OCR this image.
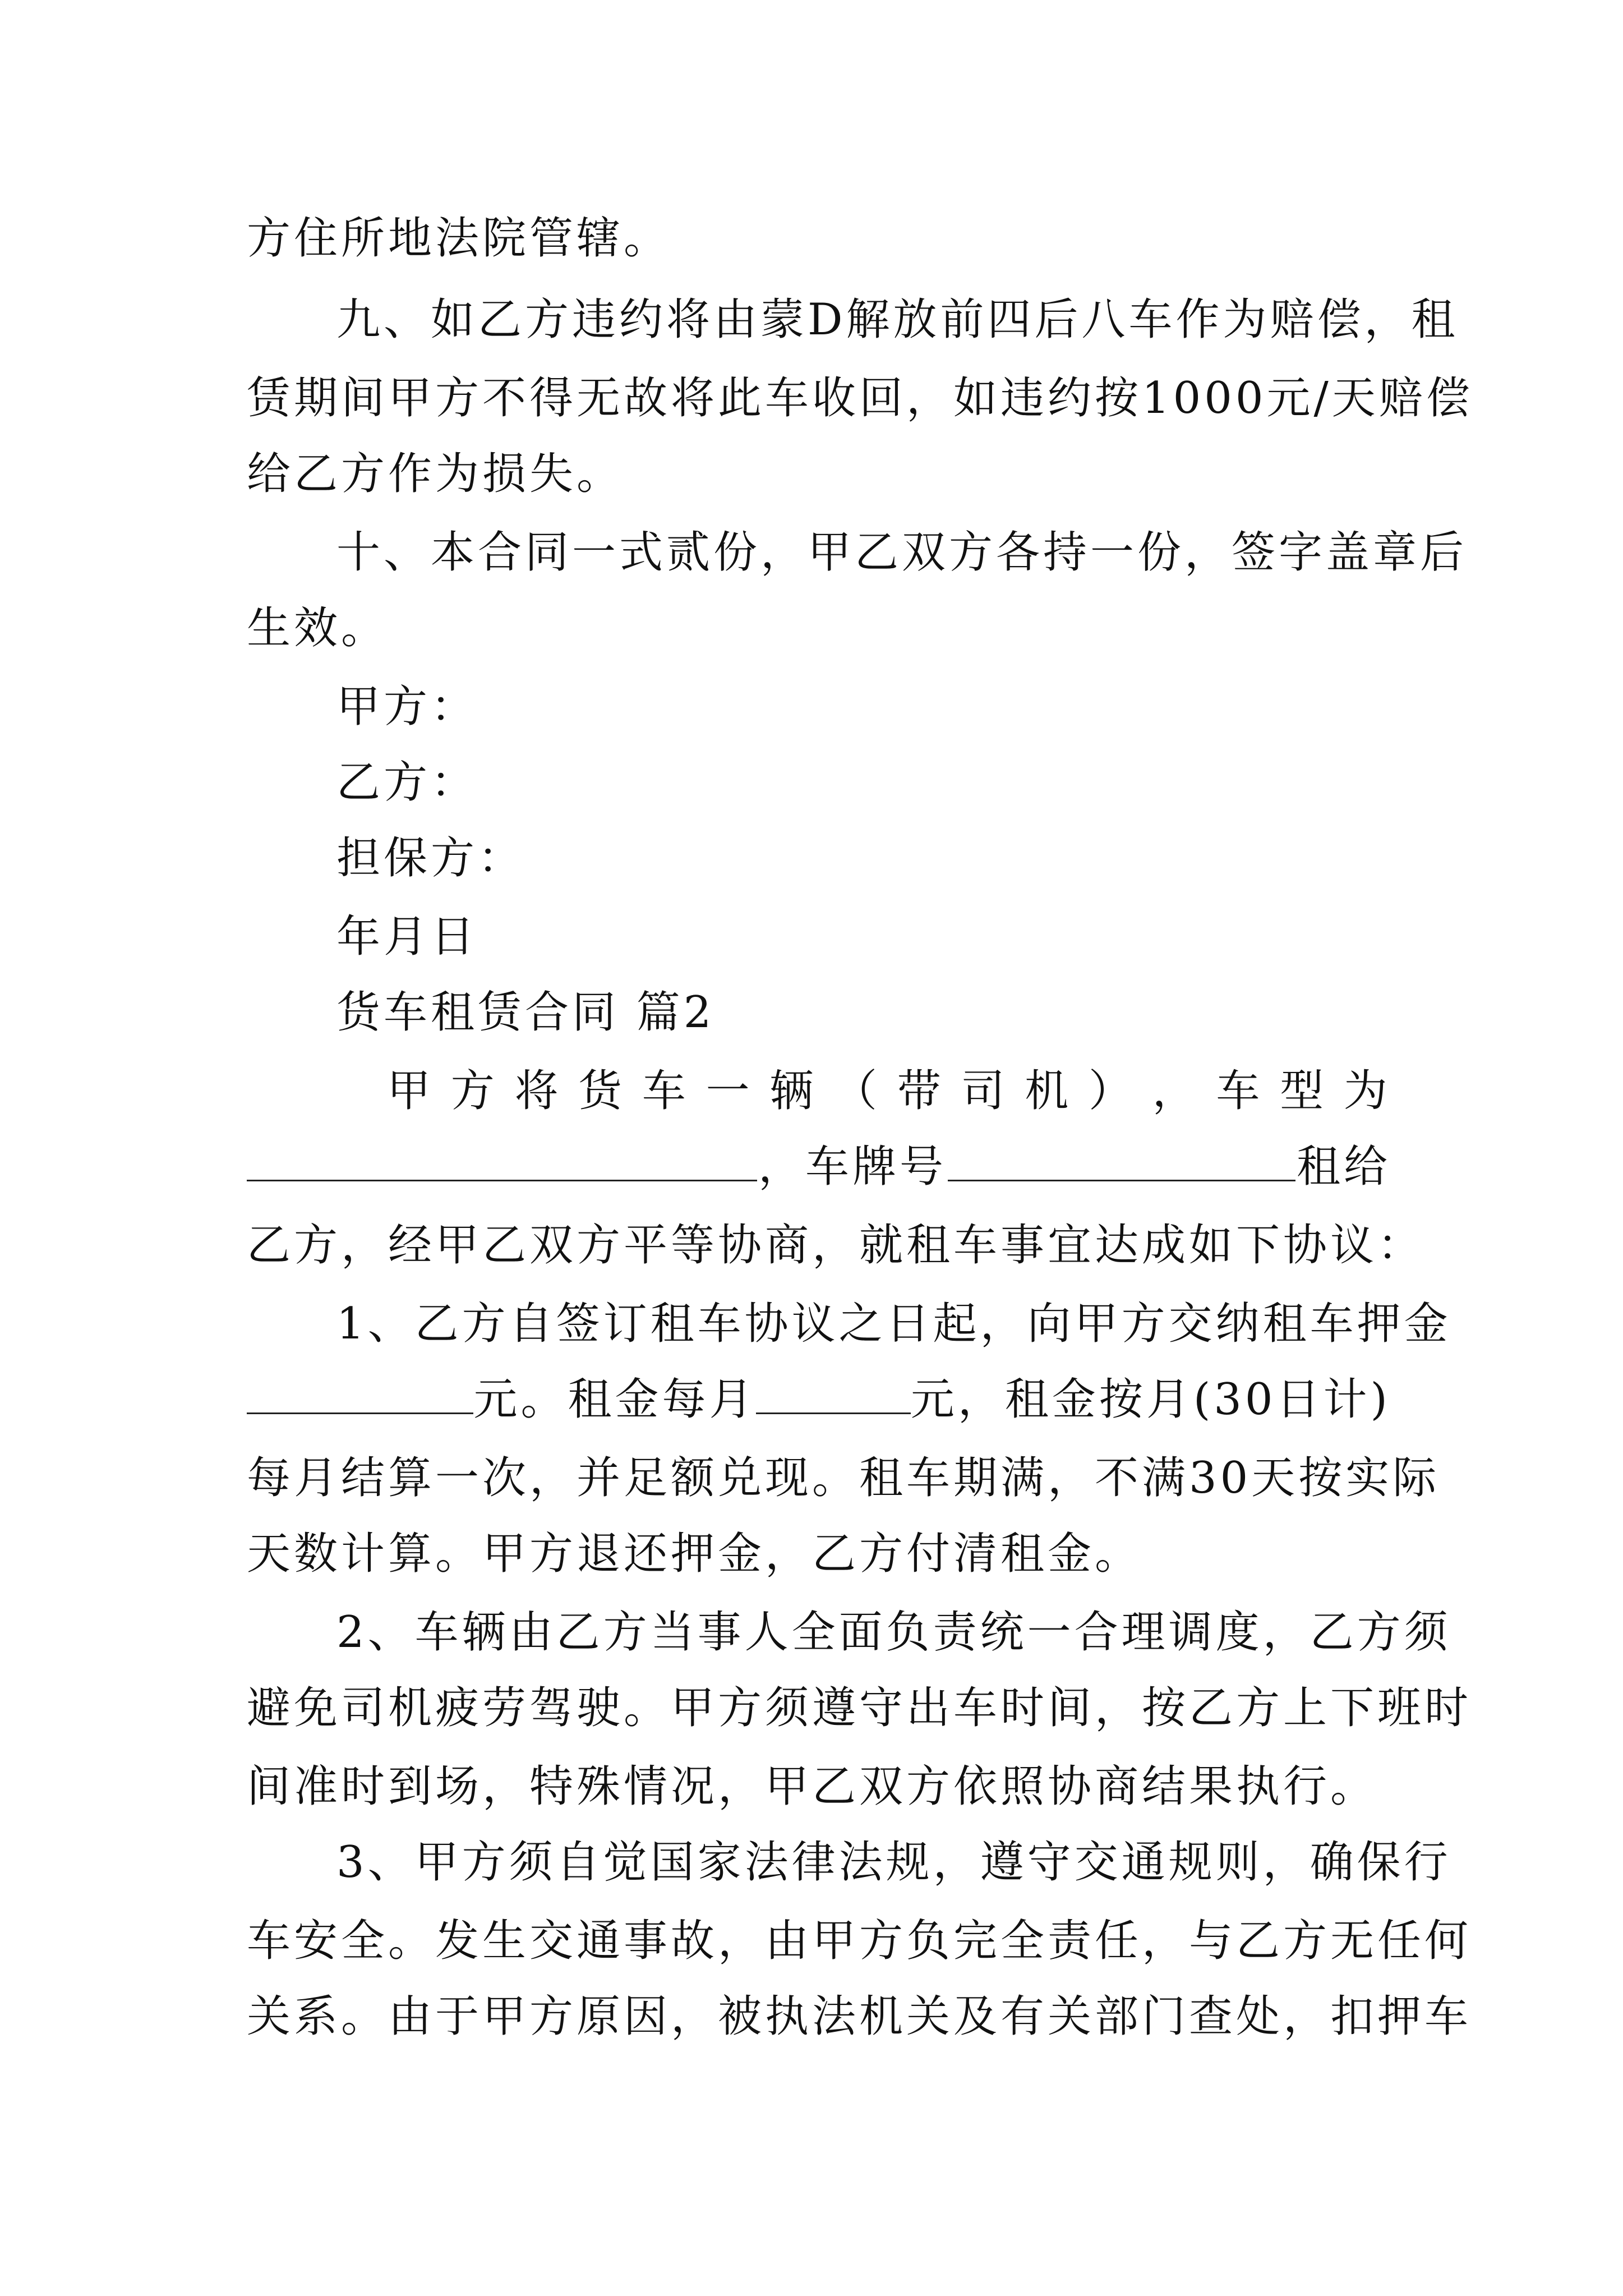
方住所地法院管辖。
九、如乙方违约将由蒙D解放前四后八车作为赔偿，租
赁期间甲方不得无故将此车收回，如违约按1000元/天赔偿
给乙方作为损失。
十、本合同一式贰份，甲乙双方各持一份，签字盖章后
生效。
甲方：
乙方：
担保方：
年月日
货车租赁合同 篇2
甲 方 将 货 车 一 辆 （ 带 司 机 ） ， 车 型 为
，车牌号	租给
乙方，经甲乙双方平等协商，就租车事宜达成如下协议：
1、乙方自签订租车协议之日起，向甲方交纳租车押金
元。租金每月	元，租金按月(30日计)
每月结算一次，并足额兑现。租车期满，不满30天按实际
天数计算。甲方退还押金，乙方付清租金。
2、车辆由乙方当事人全面负责统一合理调度，乙方须
避免司机疲劳驾驶。甲方须遵守出车时间，按乙方上下班时
间准时到场，特殊情况，甲乙双方依照协商结果执行。
3、甲方须自觉国家法律法规，遵守交通规则，确保行
车安全。发生交通事故，由甲方负完全责任，与乙方无任何
关系。由于甲方原因，被执法机关及有关部门查处，扣押车
